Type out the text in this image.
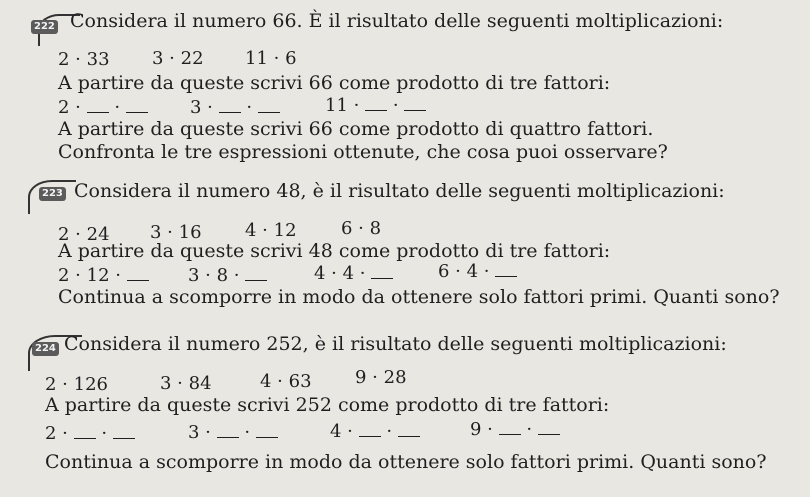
222 Considera il numero 66. È il risultato delle seguenti moltiplicazioni:
2 · 33 3 · 22 11 · 6
A partire da queste scrivi 66 come prodotto di tre fattori:
2 · ·	3 · ·	11 · ·
A partire da queste scrivi 66 come prodotto di quattro fattori.
Confronta le tre espressioni ottenute, che cosa puoi osservare?
223 Considera il numero 48, è il risultato delle seguenti moltiplicazioni:
2 · 24 3 · 16 4 · 12 6 · 8
A partire da queste scrivi 48 come prodotto di tre fattori:
2 · 12 ·	3 · 8 ·	4 · 4 ·	6 · 4 ·
Continua a scomporre in modo da ottenere solo fattori primi. Quanti sono?
224 Considera il numero 252, è il risultato delle seguenti moltiplicazioni:
2 · 126	3 · 84	4 · 63 9 · 28
A partire da queste scrivi 252 come prodotto di tre fattori:
2 · ·	3 · ·	4 · ·	9 · ·
Continua a scomporre in modo da ottenere solo fattori primi. Quanti sono?
